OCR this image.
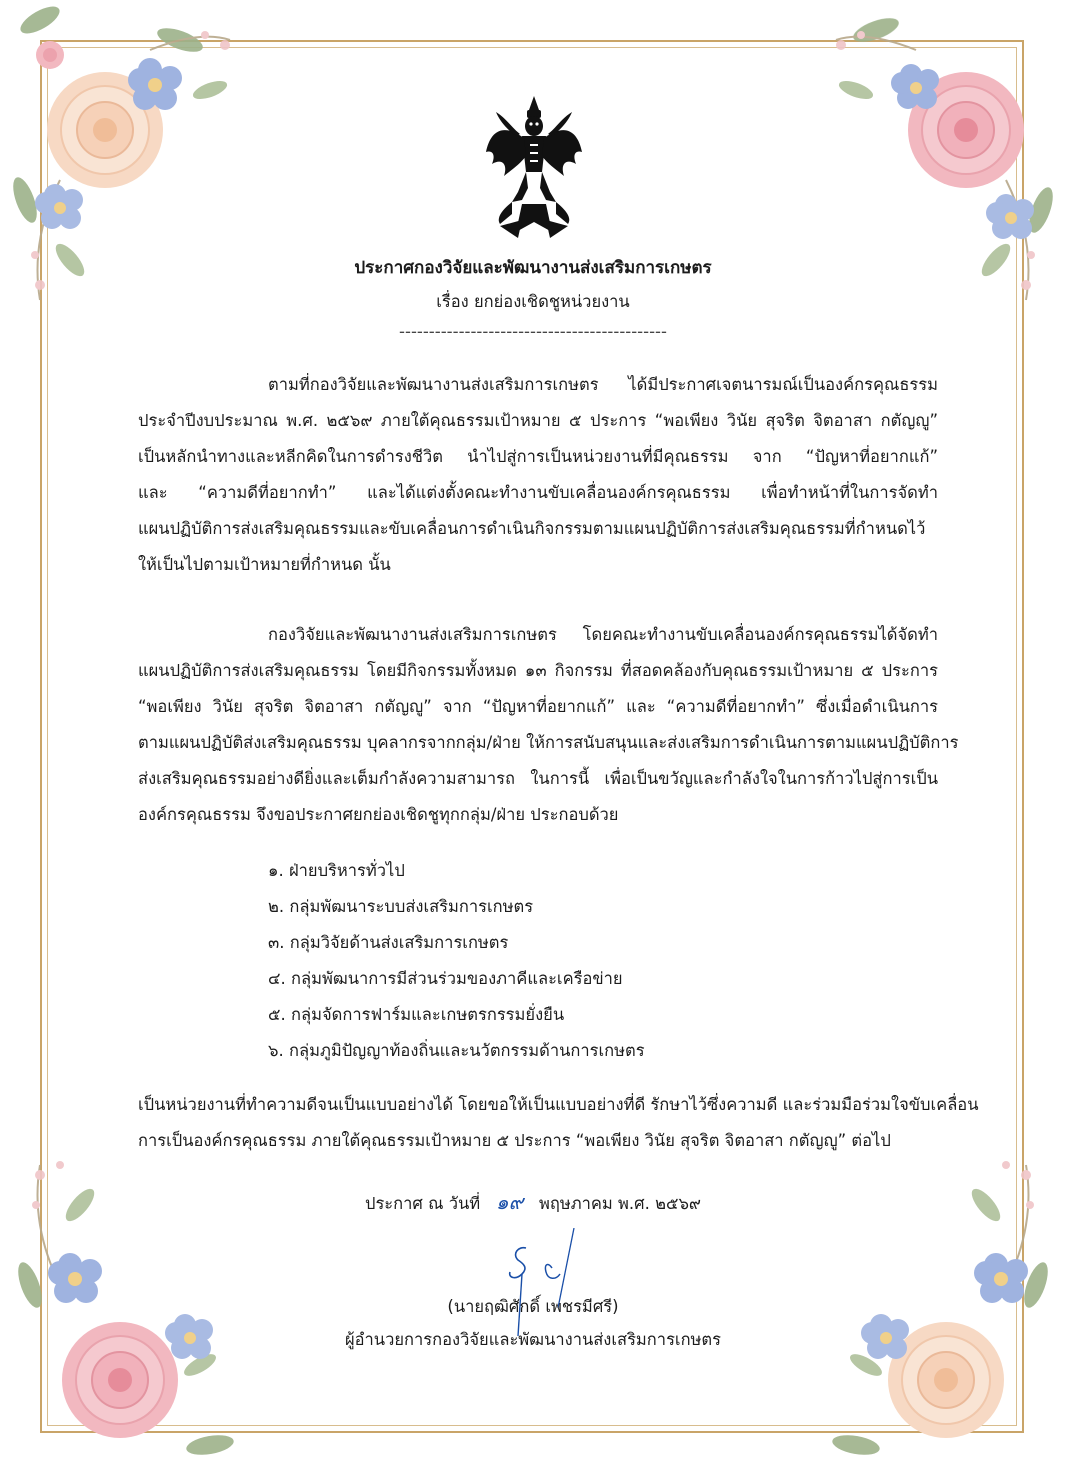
ประกาศกองวิจัยและพัฒนางานส่งเสริมการเกษตร
เรื่อง ยกย่องเชิดชูหน่วยงาน
---------------------------------------------
ตามที่กองวิจัยและพัฒนางานส่งเสริมการเกษตร ได้มีประกาศเจตนารมณ์เป็นองค์กรคุณธรรม
ประจำปีงบประมาณ พ.ศ. ๒๕๖๙ ภายใต้คุณธรรมเป้าหมาย ๕ ประการ “พอเพียง วินัย สุจริต จิตอาสา กตัญญู”
เป็นหลักนำทางและหลีกคิดในการดำรงชีวิต นำไปสู่การเป็นหน่วยงานที่มีคุณธรรม จาก “ปัญหาที่อยากแก้”
และ “ความดีที่อยากทำ” และได้แต่งตั้งคณะทำงานขับเคลื่อนองค์กรคุณธรรม เพื่อทำหน้าที่ในการจัดทำ
แผนปฏิบัติการส่งเสริมคุณธรรมและขับเคลื่อนการดำเนินกิจกรรมตามแผนปฏิบัติการส่งเสริมคุณธรรมที่กำหนดไว้
ให้เป็นไปตามเป้าหมายที่กำหนด นั้น
กองวิจัยและพัฒนางานส่งเสริมการเกษตร โดยคณะทำงานขับเคลื่อนองค์กรคุณธรรมได้จัดทำ
แผนปฏิบัติการส่งเสริมคุณธรรม โดยมีกิจกรรมทั้งหมด ๑๓ กิจกรรม ที่สอดคล้องกับคุณธรรมเป้าหมาย ๕ ประการ
“พอเพียง วินัย สุจริต จิตอาสา กตัญญู” จาก “ปัญหาที่อยากแก้” และ “ความดีที่อยากทำ” ซึ่งเมื่อดำเนินการ
ตามแผนปฏิบัติส่งเสริมคุณธรรม บุคลากรจากกลุ่ม/ฝ่าย ให้การสนับสนุนและส่งเสริมการดำเนินการตามแผนปฏิบัติการ
ส่งเสริมคุณธรรมอย่างดียิ่งและเต็มกำลังความสามารถ ในการนี้ เพื่อเป็นขวัญและกำลังใจในการก้าวไปสู่การเป็น
องค์กรคุณธรรม จึงขอประกาศยกย่องเชิดชูทุกกลุ่ม/ฝ่าย ประกอบด้วย
๑. ฝ่ายบริหารทั่วไป
๒. กลุ่มพัฒนาระบบส่งเสริมการเกษตร
๓. กลุ่มวิจัยด้านส่งเสริมการเกษตร
๔. กลุ่มพัฒนาการมีส่วนร่วมของภาคีและเครือข่าย
๕. กลุ่มจัดการฟาร์มและเกษตรกรรมยั่งยืน
๖. กลุ่มภูมิปัญญาท้องถิ่นและนวัตกรรมด้านการเกษตร
เป็นหน่วยงานที่ทำความดีจนเป็นแบบอย่างได้ โดยขอให้เป็นแบบอย่างที่ดี รักษาไว้ซึ่งความดี และร่วมมือร่วมใจขับเคลื่อน
การเป็นองค์กรคุณธรรม ภายใต้คุณธรรมเป้าหมาย ๕ ประการ “พอเพียง วินัย สุจริต จิตอาสา กตัญญู” ต่อไป
ประกาศ ณ วันที่ ๑๙ พฤษภาคม พ.ศ. ๒๕๖๙
(นายฤฒิศักดิ์ เพชรมีศรี)
ผู้อำนวยการกองวิจัยและพัฒนางานส่งเสริมการเกษตร
